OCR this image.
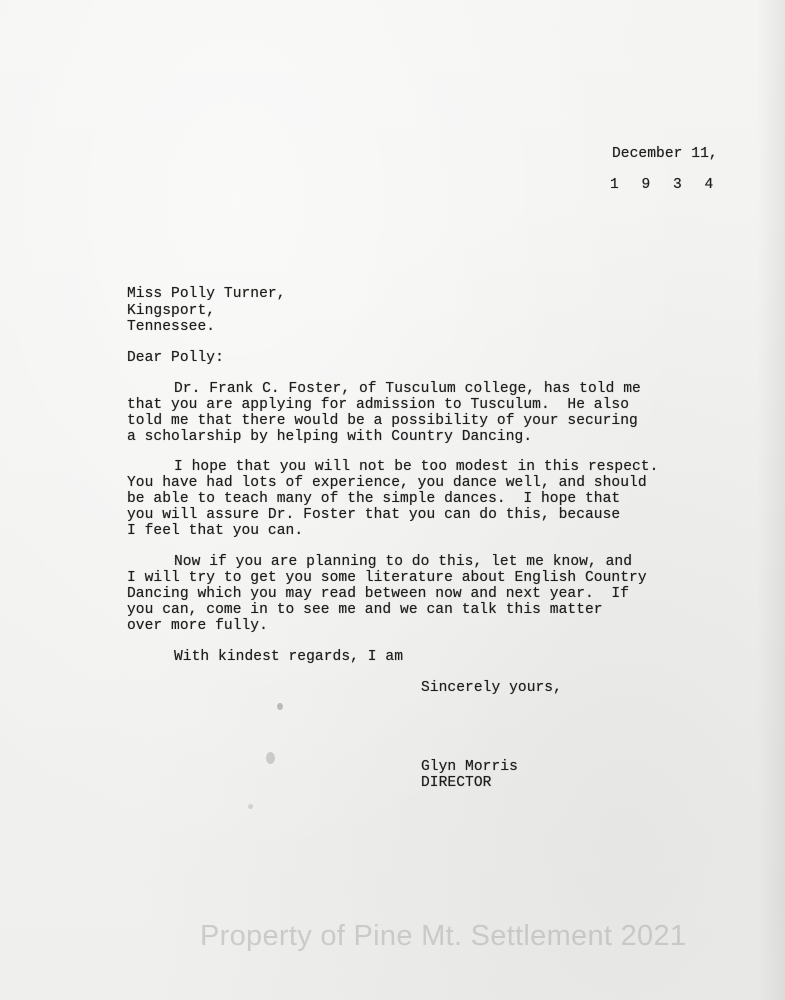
December 11,
1 9 3 4
Miss Polly Turner,
Kingsport,
Tennessee.
Dear Polly:
Dr. Frank C. Foster, of Tusculum college, has told me
that you are applying for admission to Tusculum.  He also
told me that there would be a possibility of your securing
a scholarship by helping with Country Dancing.
I hope that you will not be too modest in this respect.
You have had lots of experience, you dance well, and should
be able to teach many of the simple dances.  I hope that
you will assure Dr. Foster that you can do this, because
I feel that you can.
Now if you are planning to do this, let me know, and
I will try to get you some literature about English Country
Dancing which you may read between now and next year.  If
you can, come in to see me and we can talk this matter
over more fully.
With kindest regards, I am
Sincerely yours,
Glyn Morris
DIRECTOR
Property of Pine Mt. Settlement 2021
